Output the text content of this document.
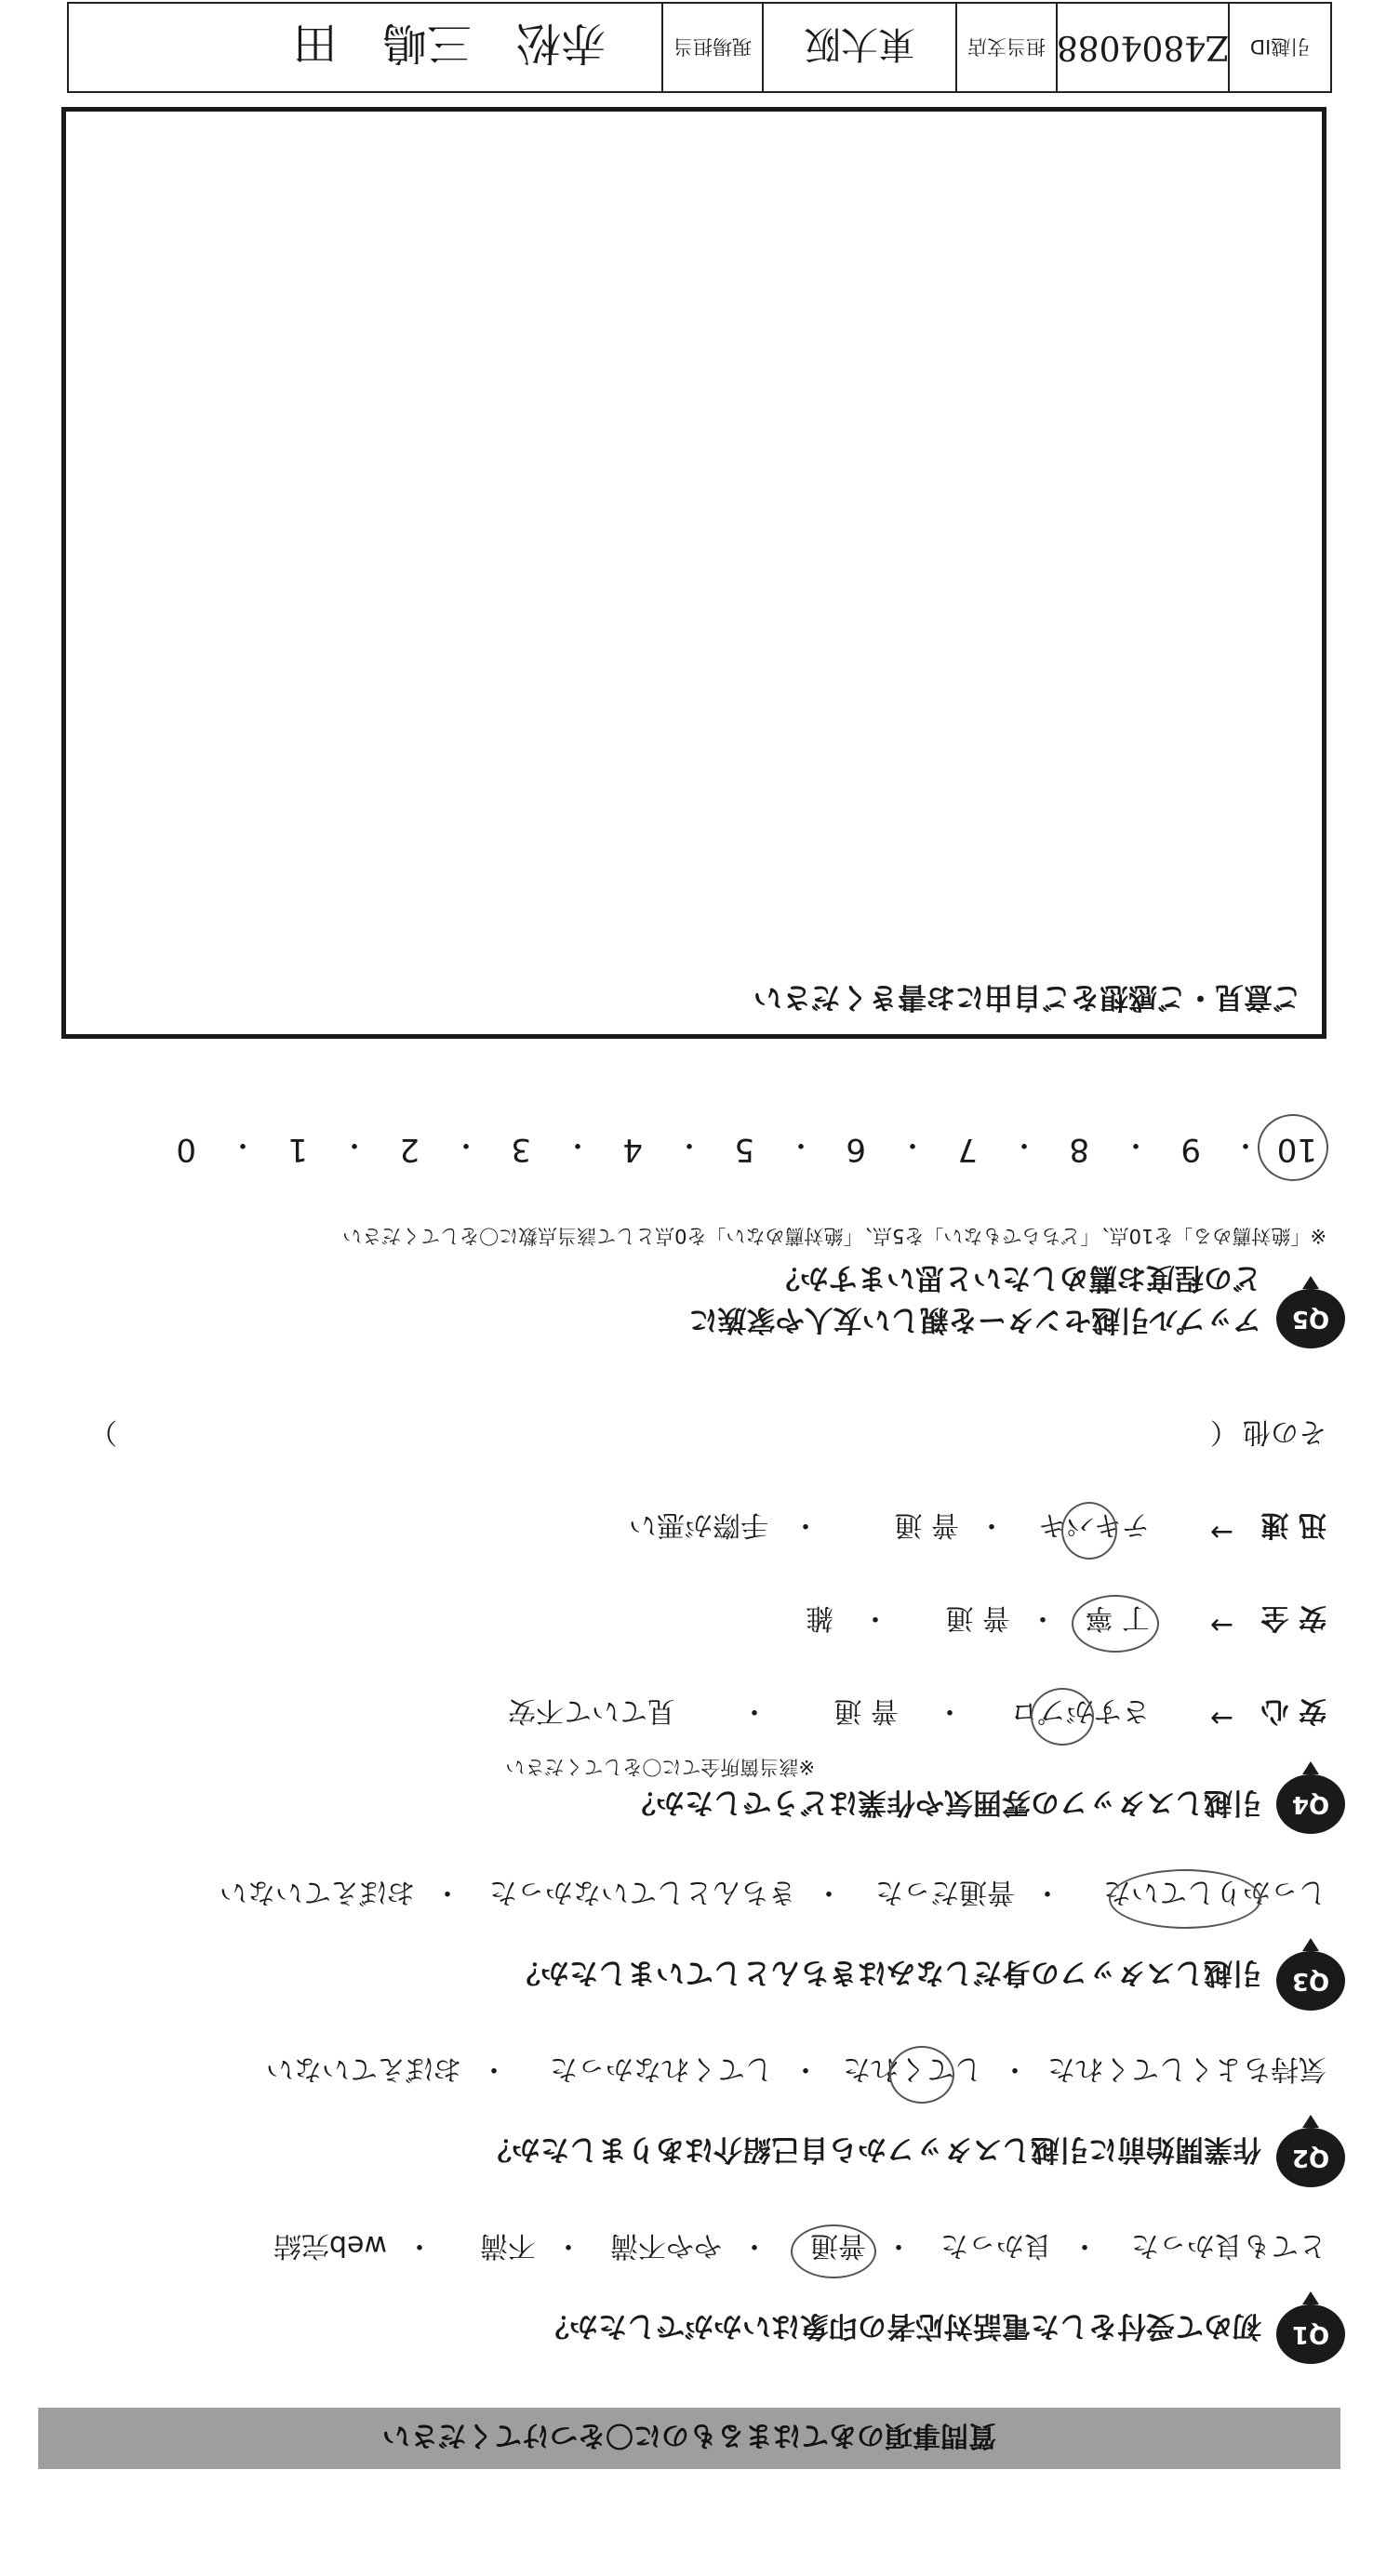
質問事項のあてはまるものに〇をつけてください
Q1
初めて受付をした電話対応者の印象はいかがでしたか？
とても良かった
・
良かった
・
普通
・
やや不満
・
不満
・
web完結
Q2
作業開始前に引越しスタッフから自己紹介はありましたか？
気持ちよくしてくれた
・
してくれた
・
してくれなかった
・
おぼえていない
Q3
引越しスタッフの身だしなみはきちんとしていましたか？
しっかりしていた
・
普通だった
・
きちんとしていなかった
・
おぼえていない
Q4
引越しスタッフの雰囲気や作業はどうでしたか？
※該当箇所全てに〇をしてください
安 心
→
さすがプロ
・
普 通
・
見ていて不安
安 全
→
丁 寧
・
普 通
・
雑
迅 速
→
テキパキ
・
普 通
・
手際が悪い
その他
（
）
Q5
アップル引越センターを親しい友人や家族に
どの程度お薦めしたいと思いますか？
※「絶対薦める」を10点、「どちらでもない」を5点、「絶対薦めない」を0点として該当点数に〇をしてください
10
・
9
・
8
・
7
・
6
・
5
・
4
・
3
・
2
・
1
・
0
ご意見・ご感想をご自由にお書きください
引越ID
Z4804088
担当支店
東大阪
現場担当
赤松　三嶋　田
